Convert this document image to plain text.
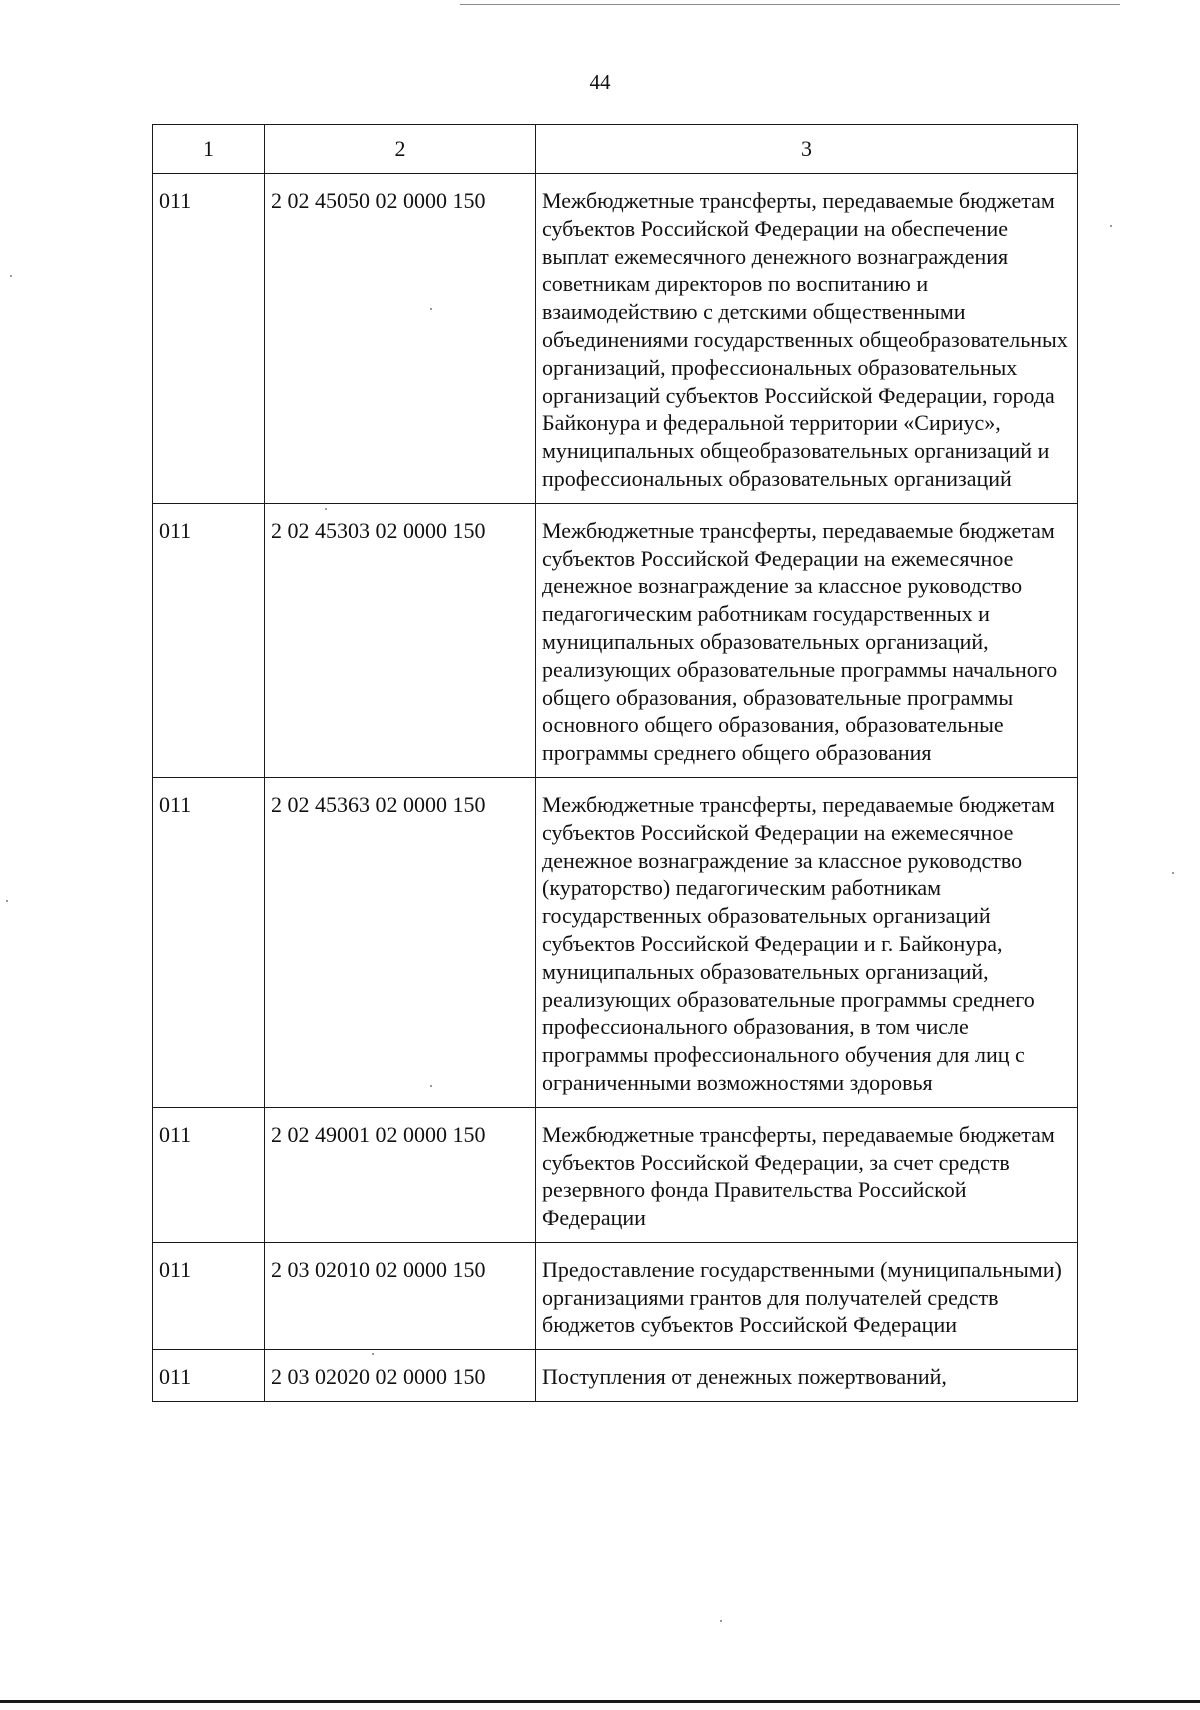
44
1	2	3
011	2 02 45050 02 0000 150	Межбюджетные трансферты, передаваемые бюджетам субъектов Российской Федерации на обеспечение выплат ежемесячного денежного вознаграждения советникам директоров по воспитанию и взаимодействию с детскими общественными объединениями государственных общеобразовательных организаций, профессиональных образовательных организаций субъектов Российской Федерации, города Байконура и федеральной территории «Сириус», муниципальных общеобразовательных организаций и профессиональных образовательных организаций
011	2 02 45303 02 0000 150	Межбюджетные трансферты, передаваемые бюджетам субъектов Российской Федерации на ежемесячное денежное вознаграждение за классное руководство педагогическим работникам государственных и муниципальных образовательных организаций, реализующих образовательные программы начального общего образования, образовательные программы основного общего образования, образовательные программы среднего общего образования
011	2 02 45363 02 0000 150	Межбюджетные трансферты, передаваемые бюджетам субъектов Российской Федерации на ежемесячное денежное вознаграждение за классное руководство (кураторство) педагогическим работникам государственных образовательных организаций субъектов Российской Федерации и г. Байконура, муниципальных образовательных организаций, реализующих образовательные программы среднего профессионального образования, в том числе программы профессионального обучения для лиц с ограниченными возможностями здоровья
011	2 02 49001 02 0000 150	Межбюджетные трансферты, передаваемые бюджетам субъектов Российской Федерации, за счет средств резервного фонда Правительства Российской Федерации
011	2 03 02010 02 0000 150	Предоставление государственными (муниципальными) организациями грантов для получателей средств бюджетов субъектов Российской Федерации
011	2 03 02020 02 0000 150	Поступления от денежных пожертвований,
